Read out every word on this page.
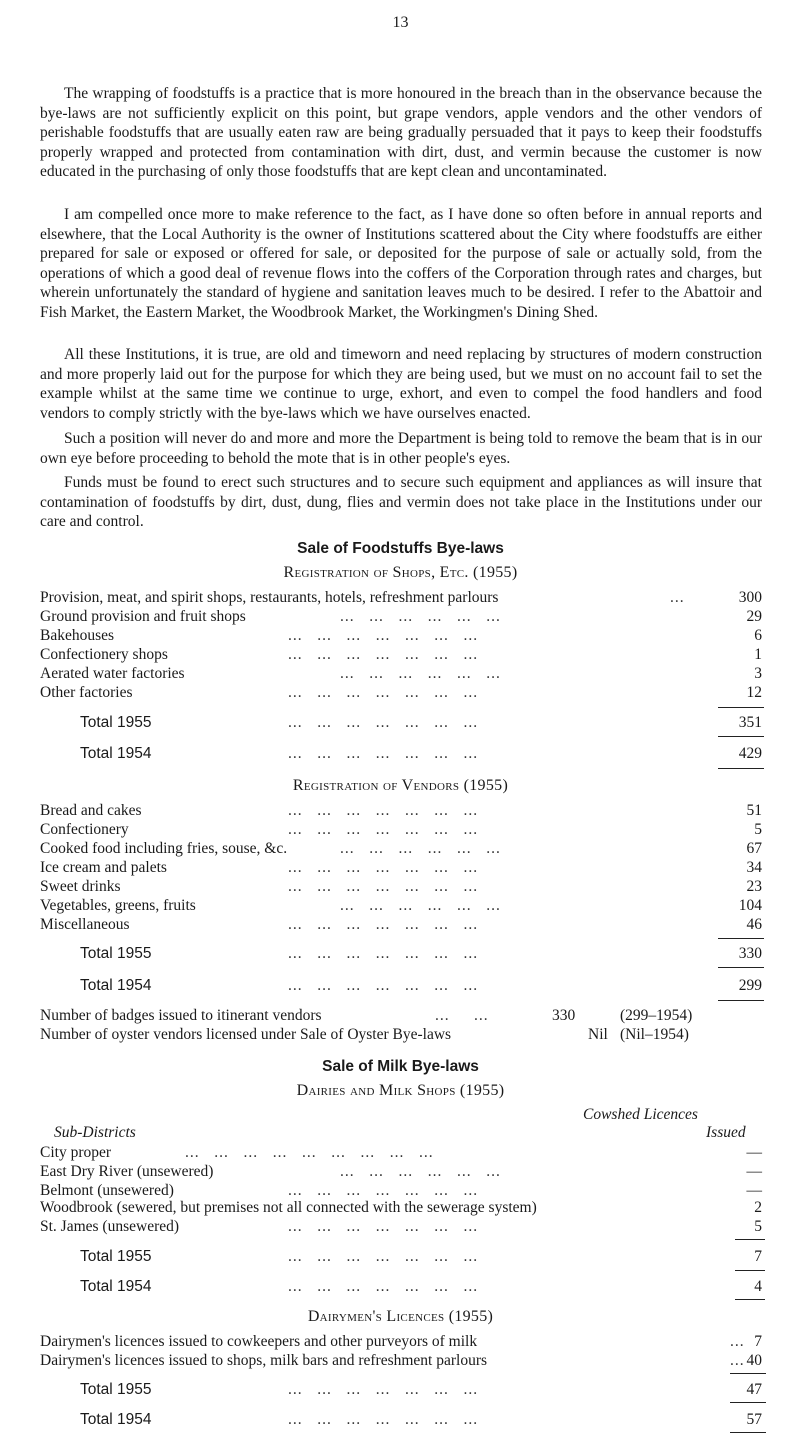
13

The wrapping of foodstuffs is a practice that is more honoured in the breach than in the observance because the bye-laws are not sufficiently explicit on this point, but grape vendors, apple vendors and the other vendors of perishable foodstuffs that are usually eaten raw are being gradually persuaded that it pays to keep their foodstuffs properly wrapped and protected from contamination with dirt, dust, and vermin because the customer is now educated in the purchasing of only those foodstuffs that are kept clean and uncontaminated.

I am compelled once more to make reference to the fact, as I have done so often before in annual reports and elsewhere, that the Local Authority is the owner of Institutions scattered about the City where foodstuffs are either prepared for sale or exposed or offered for sale, or deposited for the purpose of sale or actually sold, from the operations of which a good deal of revenue flows into the coffers of the Corporation through rates and charges, but wherein unfortunately the standard of hygiene and sanitation leaves much to be desired. I refer to the Abattoir and Fish Market, the Eastern Market, the Woodbrook Market, the Workingmen's Dining Shed.

All these Institutions, it is true, are old and timeworn and need replacing by structures of modern construction and more properly laid out for the purpose for which they are being used, but we must on no account fail to set the example whilst at the same time we continue to urge, exhort, and even to compel the food handlers and food vendors to comply strictly with the bye-laws which we have ourselves enacted.

Such a position will never do and more and more the Department is being told to remove the beam that is in our own eye before proceeding to behold the mote that is in other people's eyes.

Funds must be found to erect such structures and to secure such equipment and appliances as will insure that contamination of foodstuffs by dirt, dust, dung, flies and vermin does not take place in the Institutions under our care and control.

Sale of Foodstuffs Bye-laws
Registration of Shops, Etc. (1955)
Provision, meat, and spirit shops, restaurants, hotels, refreshment parlours	...	300
Ground provision and fruit shops	...   ...   ...   ...   ...   ...	29
Bakehouses	...   ...   ...   ...   ...   ...   ...	6
Confectionery shops	...   ...   ...   ...   ...   ...   ...	1
Aerated water factories	...   ...   ...   ...   ...   ...	3
Other factories	...   ...   ...   ...   ...   ...   ...	12
Total 1955	...   ...   ...   ...   ...   ...   ...	351
Total 1954	...   ...   ...   ...   ...   ...   ...	429
Registration of Vendors (1955)
Bread and cakes	...   ...   ...   ...   ...   ...   ...	51
Confectionery	...   ...   ...   ...   ...   ...   ...	5
Cooked food including fries, souse, &c.	...   ...   ...   ...   ...   ...	67
Ice cream and palets	...   ...   ...   ...   ...   ...   ...	34
Sweet drinks	...   ...   ...   ...   ...   ...   ...	23
Vegetables, greens, fruits	...   ...   ...   ...   ...   ...	104
Miscellaneous	...   ...   ...   ...   ...   ...   ...	46
Total 1955	...   ...   ...   ...   ...   ...   ...	330
Total 1954	...   ...   ...   ...   ...   ...   ...	299
Number of badges issued to itinerant vendors	...     ...	330	(299–1954)
Number of oyster vendors licensed under Sale of Oyster Bye-laws	Nil (Nil–1954)
Sale of Milk Bye-laws
Dairies and Milk Shops (1955)
Cowshed Licences
Sub-Districts	Issued
City proper	...   ...   ...   ...   ...   ...   ...   ...   ...	—
East Dry River (unsewered)	...   ...   ...   ...   ...   ...	—
Belmont (unsewered)	...   ...   ...   ...   ...   ...   ...	—
Woodbrook (sewered, but premises not all connected with the sewerage system)	2
St. James (unsewered)	...   ...   ...   ...   ...   ...   ...	5
Total 1955	...   ...   ...   ...   ...   ...   ...	7
Total 1954	...   ...   ...   ...   ...   ...   ...	4
Dairymen's Licences (1955)
Dairymen's licences issued to cowkeepers and other purveyors of milk	... 7
Dairymen's licences issued to shops, milk bars and refreshment parlours	... 40
Total 1955	...   ...   ...   ...   ...   ...   ...	47
Total 1954	...   ...   ...   ...   ...   ...   ...	57
